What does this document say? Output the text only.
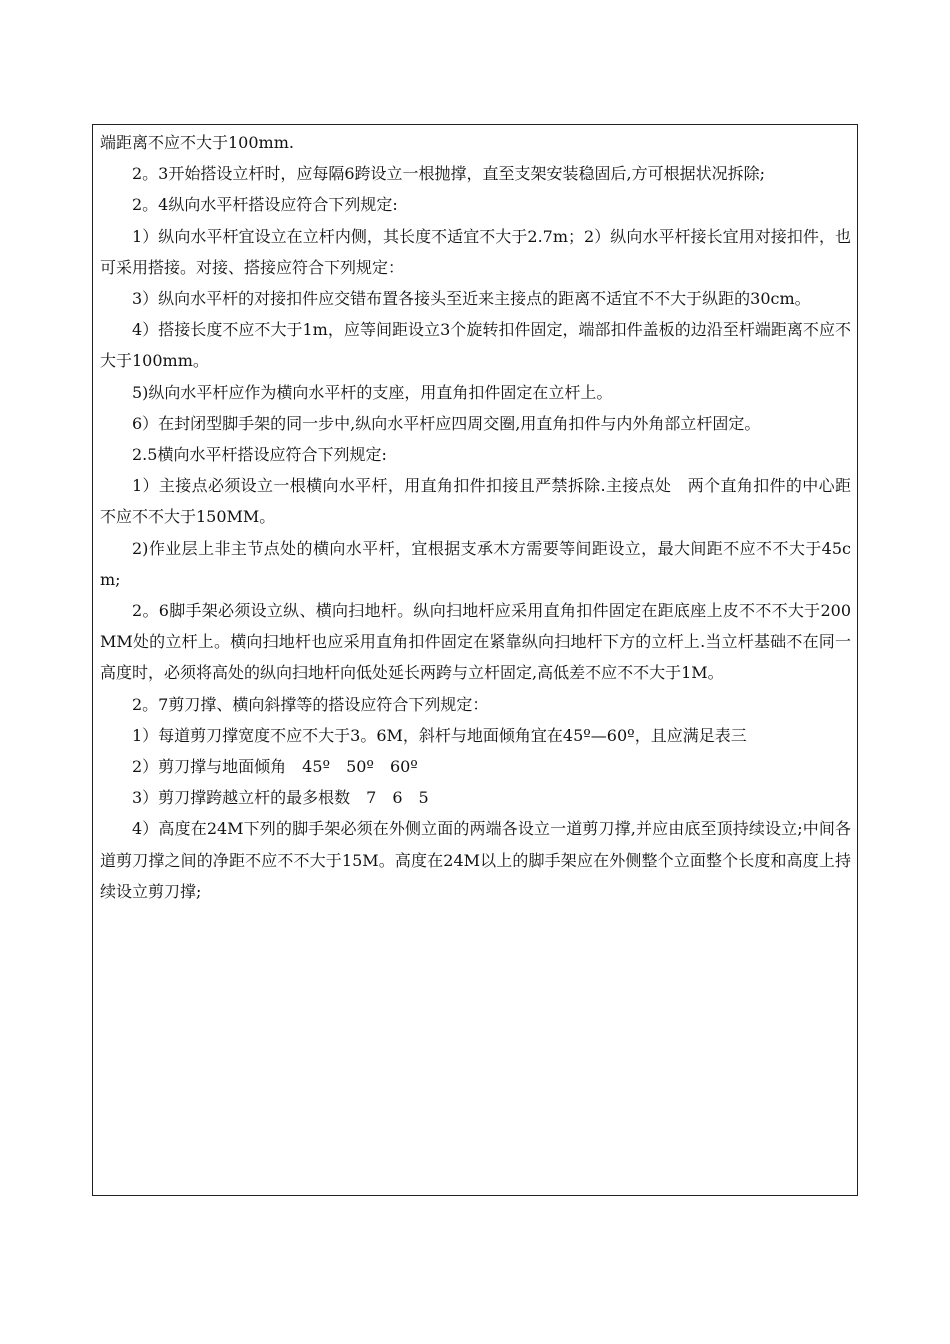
端距离不应不大于100mm.

2。3开始搭设立杆时，应每隔6跨设立一根抛撑，直至支架安装稳固后,方可根据状况拆除;

2。4纵向水平杆搭设应符合下列规定:

1）纵向水平杆宜设立在立杆内侧，其长度不适宜不大于2.7m；2）纵向水平杆接长宜用对接扣件，也可采用搭接。对接、搭接应符合下列规定：

3）纵向水平杆的对接扣件应交错布置各接头至近来主接点的距离不适宜不不大于纵距的30cm。

4）搭接长度不应不大于1m，应等间距设立3个旋转扣件固定，端部扣件盖板的边沿至杆端距离不应不大于100mm。

5)纵向水平杆应作为横向水平杆的支座，用直角扣件固定在立杆上。

6）在封闭型脚手架的同一步中,纵向水平杆应四周交圈,用直角扣件与内外角部立杆固定。

2.5横向水平杆搭设应符合下列规定:

1）主接点必须设立一根横向水平杆，用直角扣件扣接且严禁拆除.主接点处　两个直角扣件的中心距不应不不大于150MM。

2)作业层上非主节点处的横向水平杆，宜根据支承木方需要等间距设立，最大间距不应不不大于45cm;

2。6脚手架必须设立纵、横向扫地杆。纵向扫地杆应采用直角扣件固定在距底座上皮不不不大于200MM处的立杆上。横向扫地杆也应采用直角扣件固定在紧靠纵向扫地杆下方的立杆上.当立杆基础不在同一高度时，必须将高处的纵向扫地杆向低处延长两跨与立杆固定,高低差不应不不大于1M。

2。7剪刀撑、横向斜撑等的搭设应符合下列规定：

1）每道剪刀撑宽度不应不大于3。6M，斜杆与地面倾角宜在45º—60º，且应满足表三

2）剪刀撑与地面倾角　45º　50º　60º

3）剪刀撑跨越立杆的最多根数　7　6　5

4）高度在24M下列的脚手架必须在外侧立面的两端各设立一道剪刀撑,并应由底至顶持续设立;中间各道剪刀撑之间的净距不应不不大于15M。高度在24M以上的脚手架应在外侧整个立面整个长度和高度上持续设立剪刀撑;
